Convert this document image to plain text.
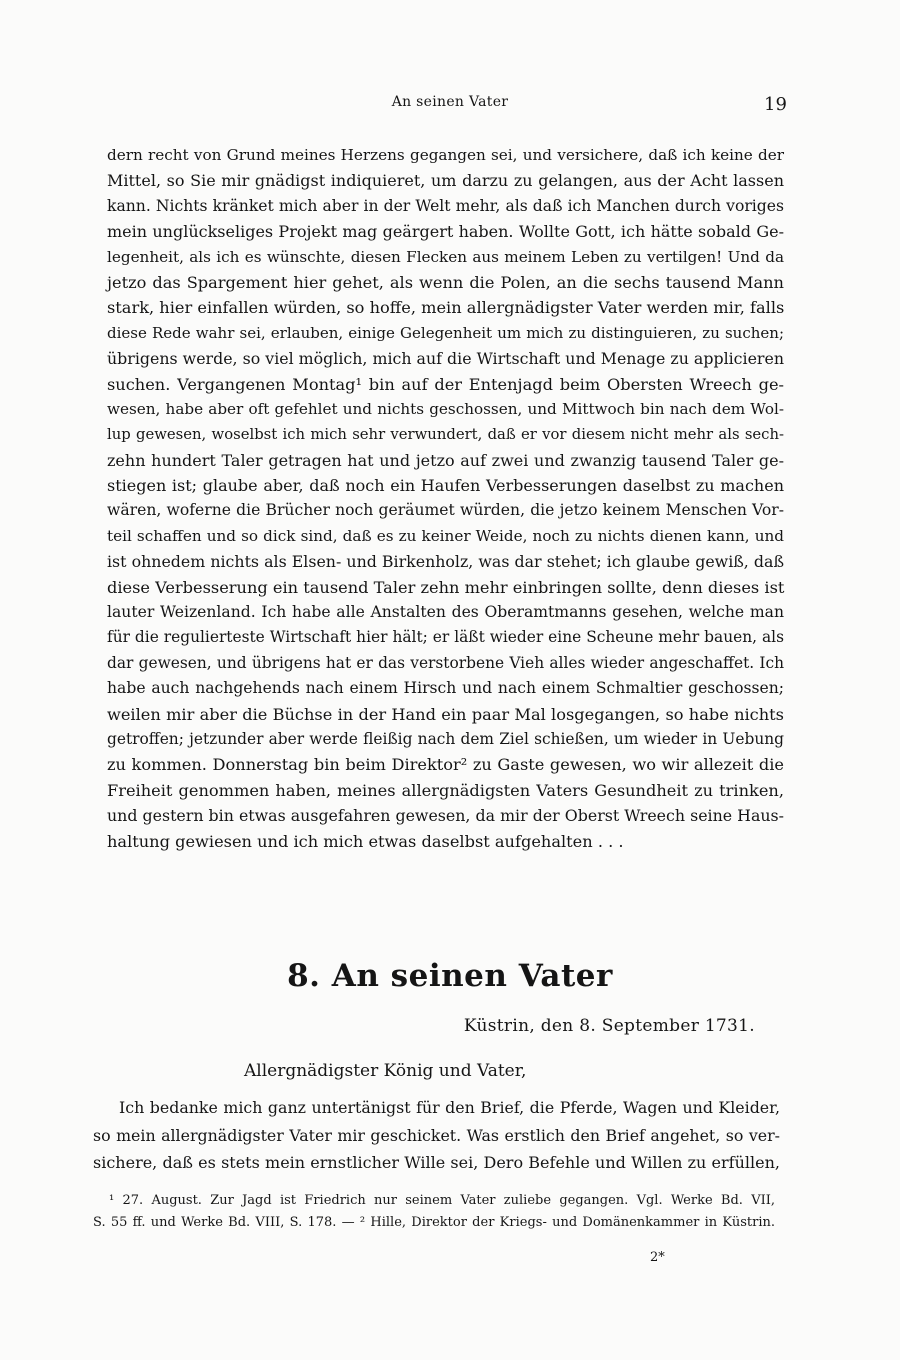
An seinen Vater	19
dern recht von Grund meines Herzens gegangen sei, und versichere, daß ich keine der
Mittel, so Sie mir gnädigst indiquieret, um darzu zu gelangen, aus der Acht lassen
kann. Nichts kränket mich aber in der Welt mehr, als daß ich Manchen durch voriges
mein unglückseliges Projekt mag geärgert haben. Wollte Gott, ich hätte sobald Ge-
legenheit, als ich es wünschte, diesen Flecken aus meinem Leben zu vertilgen! Und da
jetzo das Spargement hier gehet, als wenn die Polen, an die sechs tausend Mann
stark, hier einfallen würden, so hoffe, mein allergnädigster Vater werden mir, falls
diese Rede wahr sei, erlauben, einige Gelegenheit um mich zu distinguieren, zu suchen;
übrigens werde, so viel möglich, mich auf die Wirtschaft und Menage zu applicieren
suchen. Vergangenen Montag¹ bin auf der Entenjagd beim Obersten Wreech ge-
wesen, habe aber oft gefehlet und nichts geschossen, und Mittwoch bin nach dem Wol-
lup gewesen, woselbst ich mich sehr verwundert, daß er vor diesem nicht mehr als sech-
zehn hundert Taler getragen hat und jetzo auf zwei und zwanzig tausend Taler ge-
stiegen ist; glaube aber, daß noch ein Haufen Verbesserungen daselbst zu machen
wären, woferne die Brücher noch geräumet würden, die jetzo keinem Menschen Vor-
teil schaffen und so dick sind, daß es zu keiner Weide, noch zu nichts dienen kann, und
ist ohnedem nichts als Elsen- und Birkenholz, was dar stehet; ich glaube gewiß, daß
diese Verbesserung ein tausend Taler zehn mehr einbringen sollte, denn dieses ist
lauter Weizenland. Ich habe alle Anstalten des Oberamtmanns gesehen, welche man
für die regulierteste Wirtschaft hier hält; er läßt wieder eine Scheune mehr bauen, als
dar gewesen, und übrigens hat er das verstorbene Vieh alles wieder angeschaffet. Ich
habe auch nachgehends nach einem Hirsch und nach einem Schmaltier geschossen;
weilen mir aber die Büchse in der Hand ein paar Mal losgegangen, so habe nichts
getroffen; jetzunder aber werde fleißig nach dem Ziel schießen, um wieder in Uebung
zu kommen. Donnerstag bin beim Direktor² zu Gaste gewesen, wo wir allezeit die
Freiheit genommen haben, meines allergnädigsten Vaters Gesundheit zu trinken,
und gestern bin etwas ausgefahren gewesen, da mir der Oberst Wreech seine Haus-
haltung gewiesen und ich mich etwas daselbst aufgehalten . . .
8. An seinen Vater
Küstrin, den 8. September 1731.
Allergnädigster König und Vater,
Ich bedanke mich ganz untertänigst für den Brief, die Pferde, Wagen und Kleider,
so mein allergnädigster Vater mir geschicket. Was erstlich den Brief angehet, so ver-
sichere, daß es stets mein ernstlicher Wille sei, Dero Befehle und Willen zu erfüllen,
¹ 27. August. Zur Jagd ist Friedrich nur seinem Vater zuliebe gegangen. Vgl. Werke Bd. VII,
S. 55 ff. und Werke Bd. VIII, S. 178. — ² Hille, Direktor der Kriegs- und Domänenkammer in Küstrin.
2*
